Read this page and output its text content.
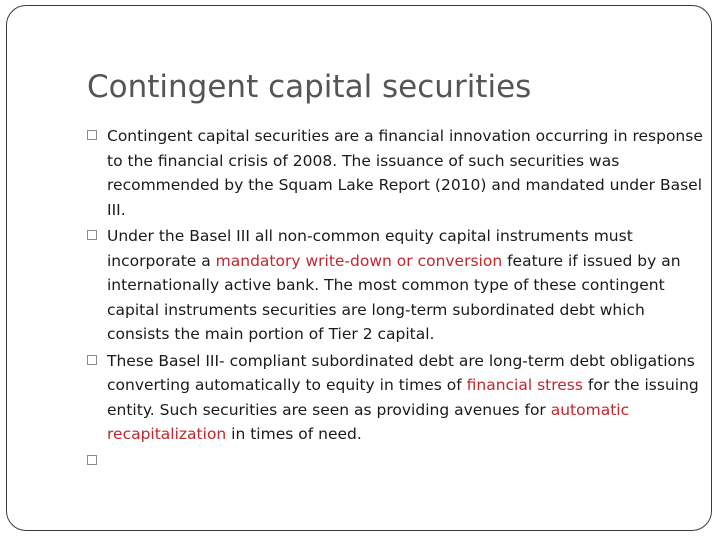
Contingent capital securities
Contingent capital securities are a financial innovation occurring in response to the financial crisis of 2008. The issuance of such securities was recommended by the Squam Lake Report (2010) and mandated under Basel III.
Under the Basel III all non-common equity capital instruments must incorporate a mandatory write-down or conversion feature if issued by an internationally active bank. The most common type of these contingent capital instruments securities are long-term subordinated debt which consists the main portion of Tier 2 capital.
These Basel III- compliant subordinated debt are long-term debt obligations converting automatically to equity in times of financial stress for the issuing entity. Such securities are seen as providing avenues for automatic recapitalization in times of need.
